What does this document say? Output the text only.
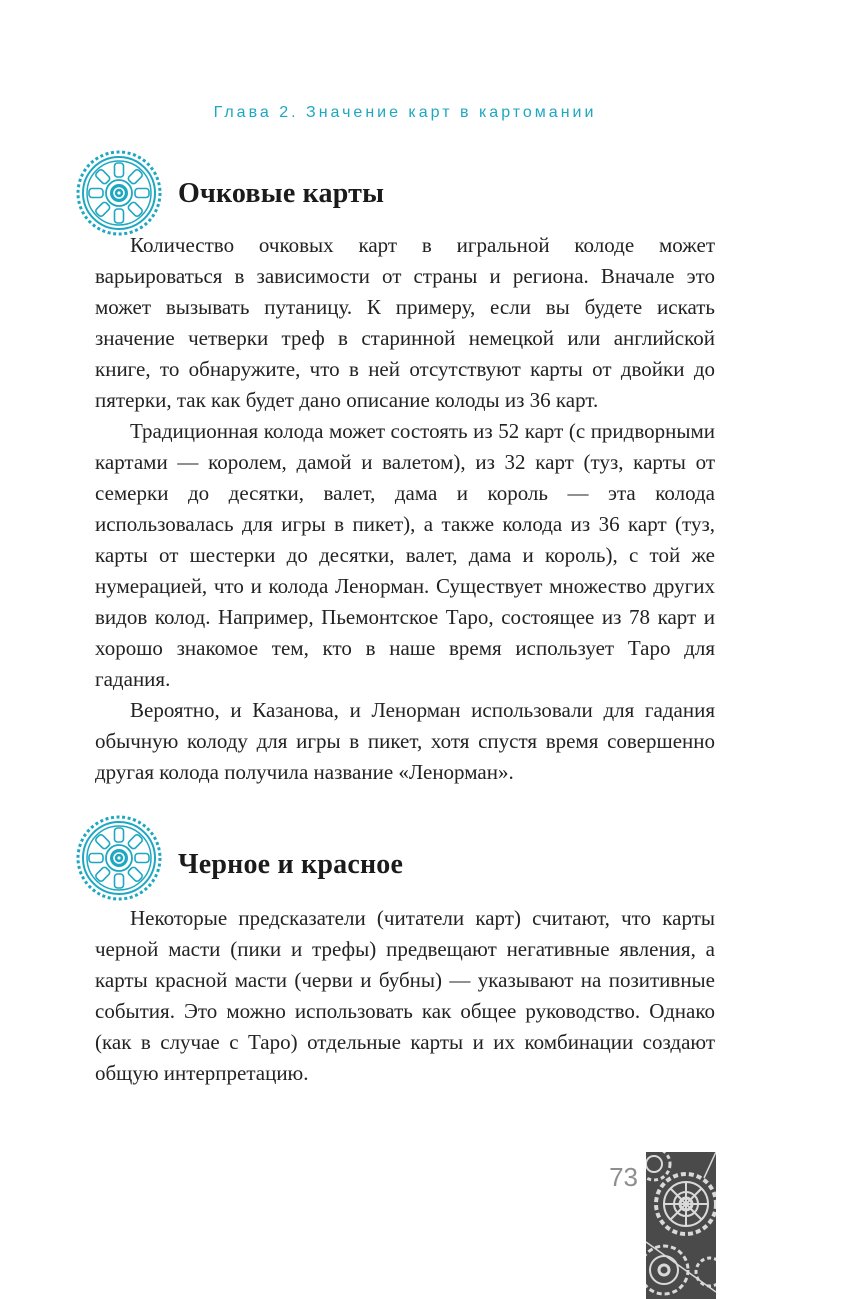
Глава 2. Значение карт в картомании
Очковые карты

Количество очковых карт в игральной колоде может варьироваться в зависимости от страны и региона. Вначале это может вызывать путаницу. К примеру, если вы будете искать значение четверки треф в старинной немецкой или английской книге, то обнаружите, что в ней отсутствуют карты от двойки до пятерки, так как будет дано описание колоды из 36 карт.

Традиционная колода может состоять из 52 карт (с придворными картами — королем, дамой и валетом), из 32 карт (туз, карты от семерки до десятки, валет, дама и король — эта колода использовалась для игры в пикет), а также колода из 36 карт (туз, карты от шестерки до десятки, валет, дама и король), с той же нумерацией, что и колода Ленорман. Существует множество других видов колод. Например, Пьемонтское Таро, состоящее из 78 карт и хорошо знакомое тем, кто в наше время использует Таро для гадания.

Вероятно, и Казанова, и Ленорман использовали для гадания обычную колоду для игры в пикет, хотя спустя время совершенно другая колода получила название «Ленорман».

Черное и красное

Некоторые предсказатели (читатели карт) считают, что карты черной масти (пики и трефы) предвещают негативные явления, а карты красной масти (черви и бубны) — указывают на позитивные события. Это можно использовать как общее руководство. Однако (как в случае с Таро) отдельные карты и их комбинации создают общую интерпретацию.

73
